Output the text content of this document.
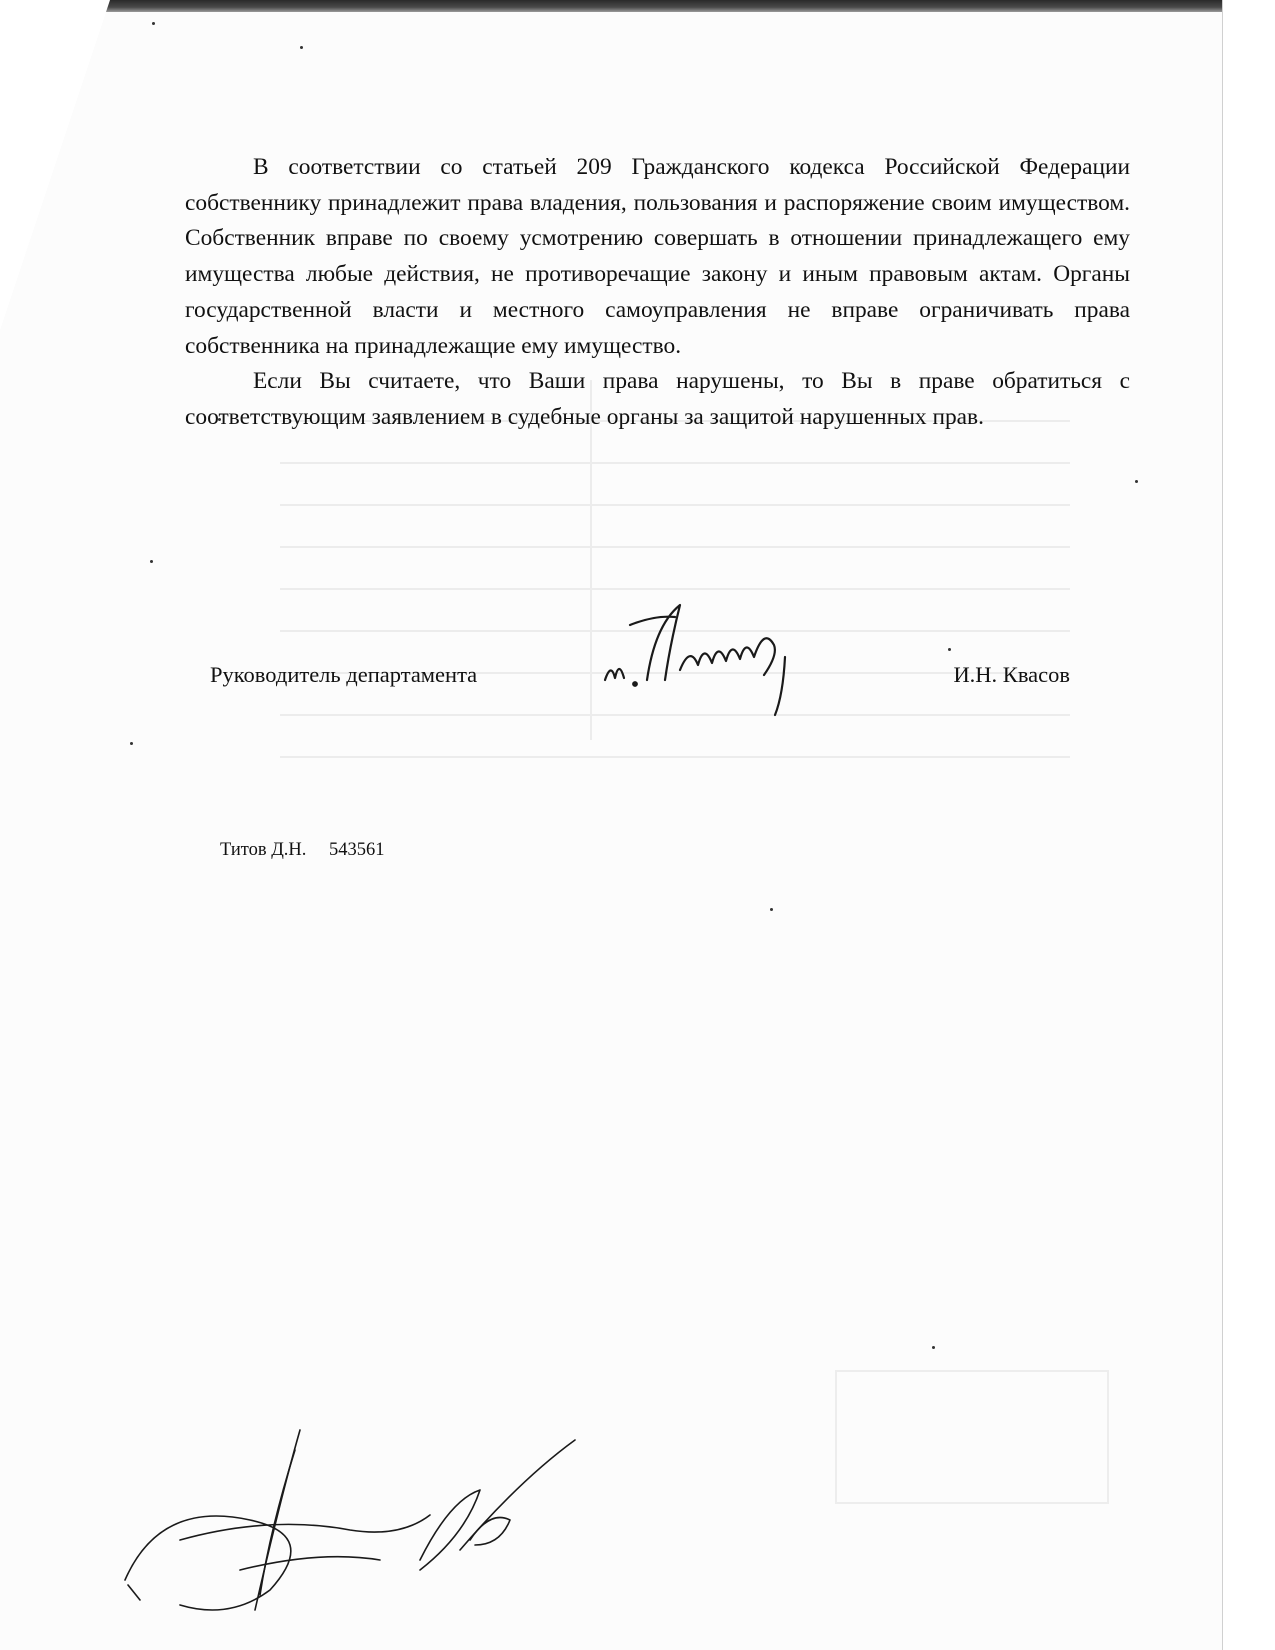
В соответствии со статьей 209 Гражданского кодекса Российской Федерации собственнику принадлежит права владения, пользования и распоряжение своим имуществом. Собственник вправе по своему усмотрению совершать в отношении принадлежащего ему имущества любые действия, не противоречащие закону и иным правовым актам. Органы государственной власти и местного самоуправления не вправе ограничивать права собственника на принадлежащие ему имущество.

Если Вы считаете, что Ваши права нарушены, то Вы в праве обратиться с соответствующим заявлением в судебные органы за защитой нарушенных прав.

Руководитель департамента	И.Н. Квасов
Титов Д.Н. 543561
